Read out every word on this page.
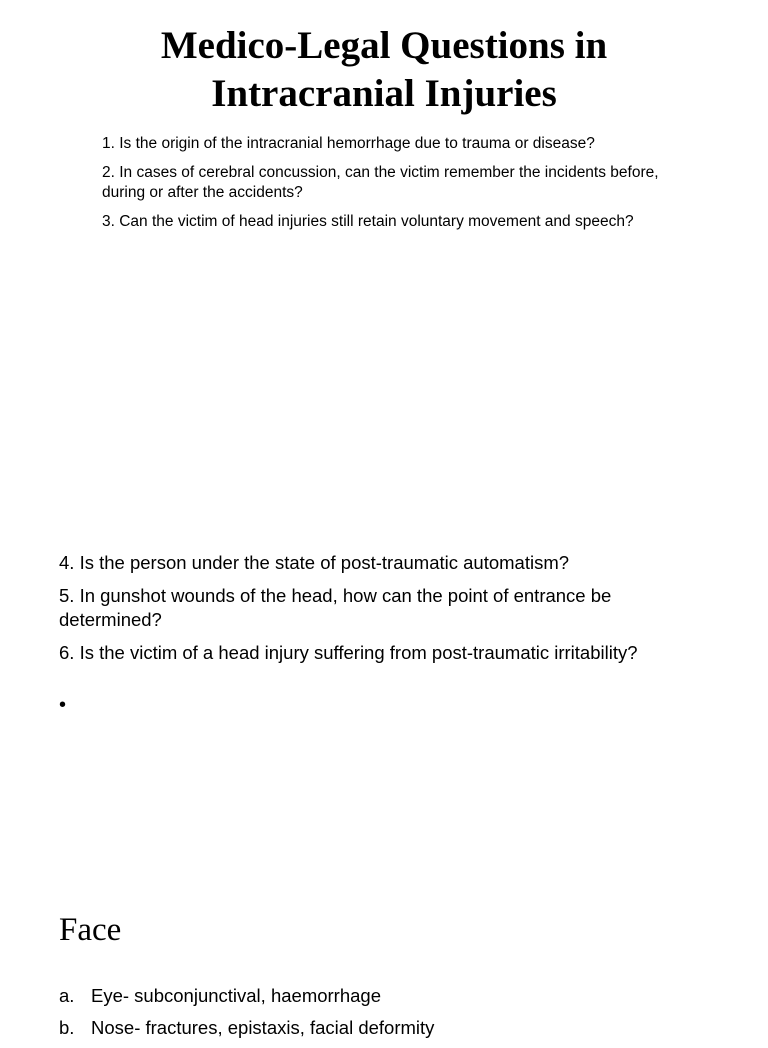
Medico-Legal Questions in
Intracranial Injuries
1. Is the origin of the intracranial hemorrhage due to trauma or disease?
2. In cases of cerebral concussion, can the victim remember the incidents before, during or after the accidents?
3. Can the victim of head injuries still retain voluntary movement and speech?
4. Is the person under the state of post-traumatic automatism?
5. In gunshot wounds of the head, how can the point of entrance be determined?
6. Is the victim of a head injury suffering from post-traumatic irritability?
•
Face
a. Eye- subconjunctival, haemorrhage
b. Nose- fractures, epistaxis, facial deformity
